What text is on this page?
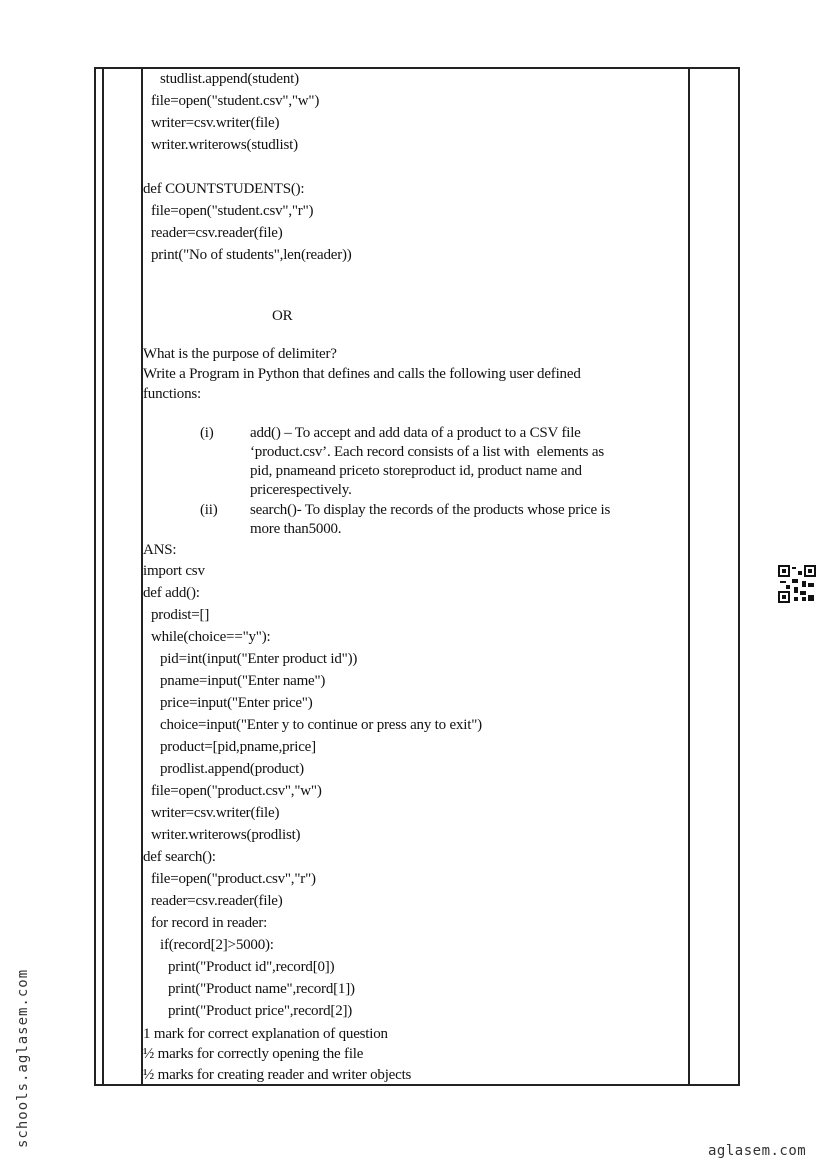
studlist.append(student)
file=open("student.csv","w")
writer=csv.writer(file)
writer.writerows(studlist)
def COUNTSTUDENTS():
file=open("student.csv","r")
reader=csv.reader(file)
print("No of students",len(reader))
OR
What is the purpose of delimiter?
Write a Program in Python that defines and calls the following user defined
functions:
(i) add() – To accept and add data of a product to a CSV file
‘product.csv’. Each record consists of a list with  elements as
pid, pnameand priceto storeproduct id, product name and
pricerespectively.
(ii) search()- To display the records of the products whose price is
more than5000.
ANS:
import csv
def add():
prodist=[]
while(choice=="y"):
pid=int(input("Enter product id"))
pname=input("Enter name")
price=input("Enter price")
choice=input("Enter y to continue or press any to exit")
product=[pid,pname,price]
prodlist.append(product)
file=open("product.csv","w")
writer=csv.writer(file)
writer.writerows(prodlist)
def search():
file=open("product.csv","r")
reader=csv.reader(file)
for record in reader:
if(record[2]>5000):
print("Product id",record[0])
print("Product name",record[1])
print("Product price",record[2])
1 mark for correct explanation of question
½ marks for correctly opening the file
½ marks for creating reader and writer objects
schools.aglasem.com
aglasem.com
